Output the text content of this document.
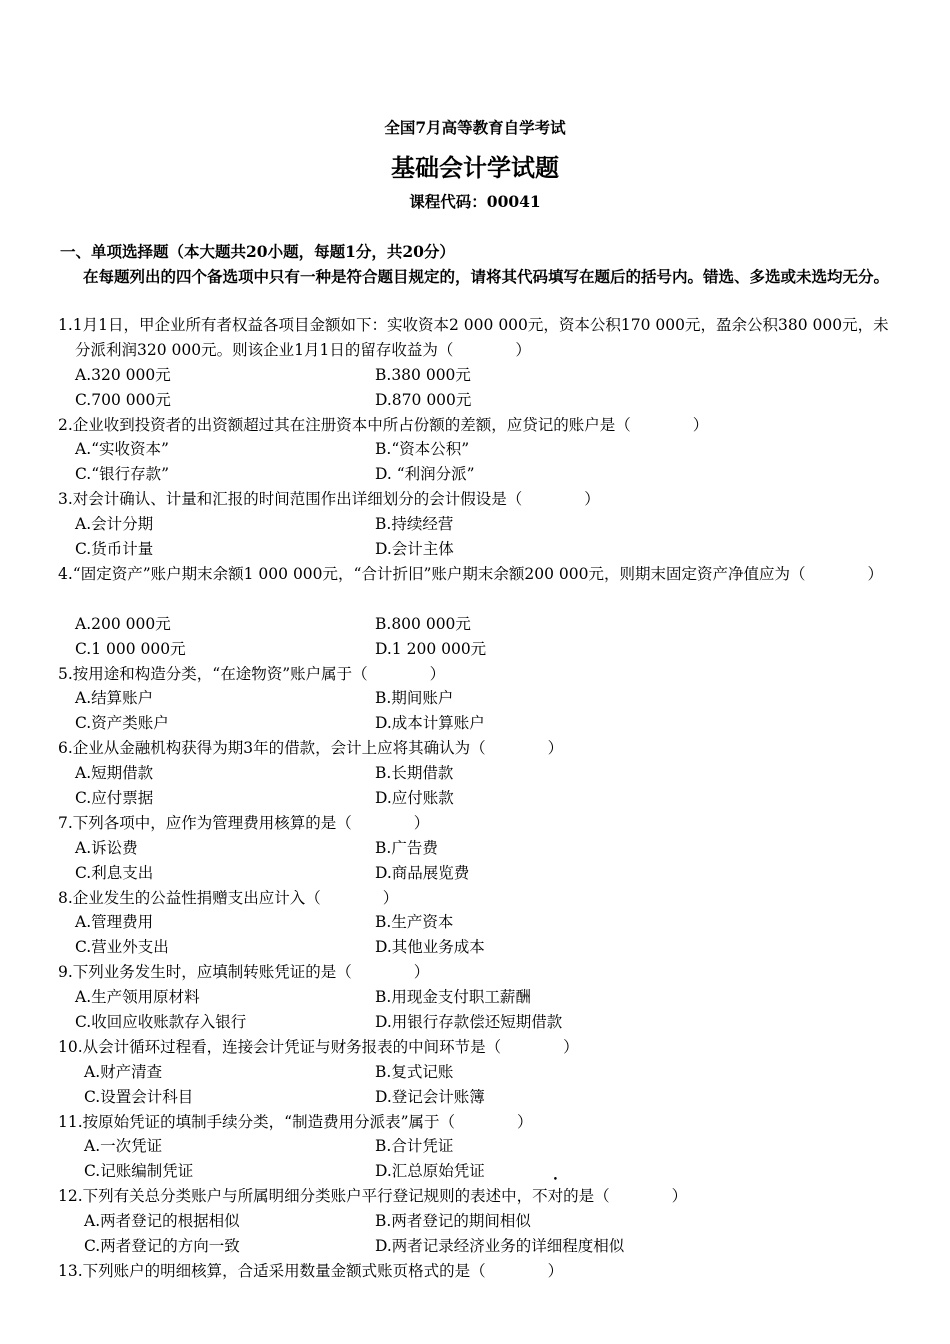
全国7月高等教育自学考试
基础会计学试题
课程代码：00041
一、单项选择题（本大题共20小题，每题1分，共20分）
在每题列出的四个备选项中只有一种是符合题目规定的，请将其代码填写在题后的括号内。错选、多选或未选均无分。
1.1月1日，甲企业所有者权益各项目金额如下：实收资本2 000 000元，资本公积170 000元，盈余公积380 000元，未分派利润320 000元。则该企业1月1日的留存收益为（　　　　）
A.320 000元	B.380 000元
C.700 000元	D.870 000元
2.企业收到投资者的出资额超过其在注册资本中所占份额的差额，应贷记的账户是（　　　　）
A.“实收资本”	B.“资本公积”
C.“银行存款”	D. “利润分派”
3.对会计确认、计量和汇报的时间范围作出详细划分的会计假设是（　　　　）
A.会计分期	B.持续经营
C.货币计量	D.会计主体
4.“固定资产”账户期末余额1 000 000元，“合计折旧”账户期末余额200 000元，则期末固定资产净值应为（　　　　）
A.200 000元	B.800 000元
C.1 000 000元	D.1 200 000元
5.按用途和构造分类，“在途物资”账户属于（　　　　）
A.结算账户	B.期间账户
C.资产类账户	D.成本计算账户
6.企业从金融机构获得为期3年的借款，会计上应将其确认为（　　　　）
A.短期借款	B.长期借款
C.应付票据	D.应付账款
7.下列各项中，应作为管理费用核算的是（　　　　）
A.诉讼费	B.广告费
C.利息支出	D.商品展览费
8.企业发生的公益性捐赠支出应计入（　　　　）
A.管理费用	B.生产资本
C.营业外支出	D.其他业务成本
9.下列业务发生时，应填制转账凭证的是（　　　　）
A.生产领用原材料	B.用现金支付职工薪酬
C.收回应收账款存入银行	D.用银行存款偿还短期借款
10.从会计循环过程看，连接会计凭证与财务报表的中间环节是（　　　　）
A.财产清查	B.复式记账
C.设置会计科目	D.登记会计账簿
11.按原始凭证的填制手续分类，“制造费用分派表”属于（　　　　）
A.一次凭证	B.合计凭证
C.记账编制凭证	D.汇总原始凭证
12.下列有关总分类账户与所属明细分类账户平行登记规则的表述中，不对的是（　　　　）
A.两者登记的根据相似	B.两者登记的期间相似
C.两者登记的方向一致	D.两者记录经济业务的详细程度相似
13.下列账户的明细核算，合适采用数量金额式账页格式的是（　　　　）
